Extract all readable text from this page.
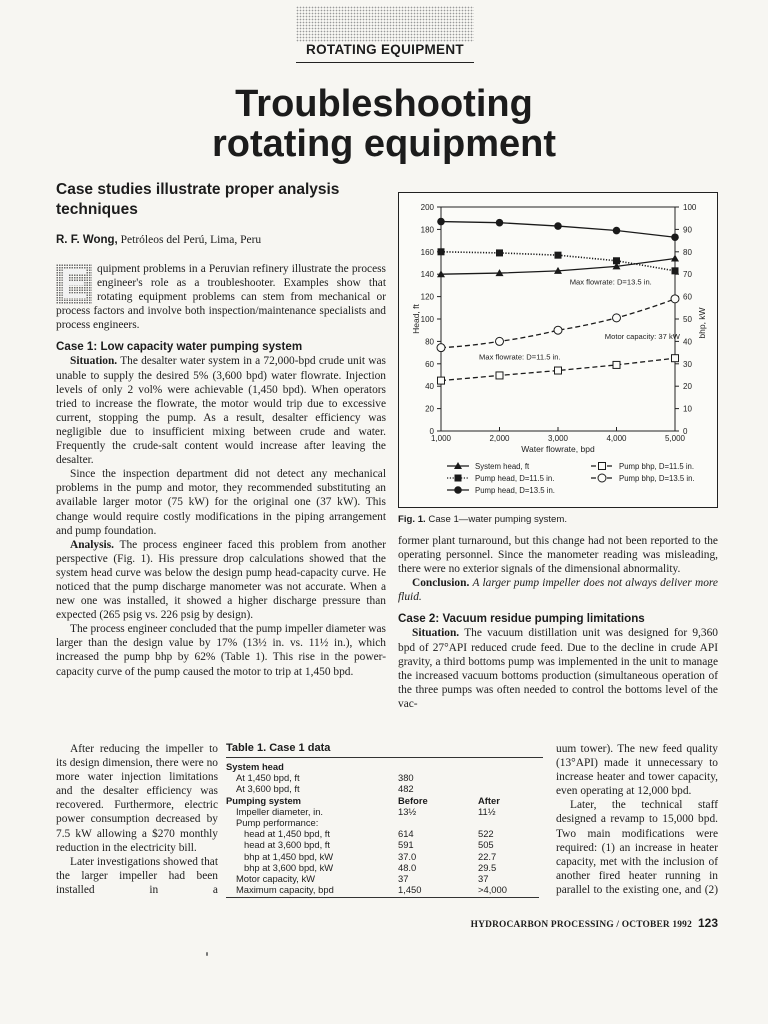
ROTATING EQUIPMENT
Troubleshooting
rotating equipment
Case studies illustrate proper analysis techniques
R. F. Wong, Petróleos del Perú, Lima, Peru

E quipment problems in a Peruvian refinery illustrate the process engineer's role as a troubleshooter. Examples show that rotating equipment problems can stem from mechanical or process factors and involve both inspection/maintenance specialists and process engineers.

Case 1: Low capacity water pumping system

Situation. The desalter water system in a 72,000-bpd crude unit was unable to supply the desired 5% (3,600 bpd) water flowrate. Injection levels of only 2 vol% were achievable (1,450 bpd). When operators tried to increase the flowrate, the motor would trip due to excessive current, stopping the pump. As a result, desalter efficiency was negligible due to insufficient mixing between crude and water. Frequently the crude-salt content would increase after leaving the desalter.

Since the inspection department did not detect any mechanical problems in the pump and motor, they recommended substituting an available larger motor (75 kW) for the original one (37 kW). This change would require costly modifications in the piping arrangement and pump foundation.

Analysis. The process engineer faced this problem from another perspective (Fig. 1). His pressure drop calculations showed that the system head curve was below the design pump head-capacity curve. He noticed that the pump discharge manometer was not accurate. When a new one was installed, it showed a higher discharge pressure than expected (265 psig vs. 226 psig by design).

The process engineer concluded that the pump impeller diameter was larger than the design value by 17% (13½ in. vs. 11½ in.), which increased the pump bhp by 62% (Table 1). This rise in the power-capacity curve of the pump caused the motor to trip at 1,450 bpd.

After reducing the impeller to its design dimension, there were no more water injection limitations and the desalter efficiency was recovered. Furthermore, electric power consumption decreased by 7.5 kW allowing a $270 monthly reduction in the electricity bill.

Later investigations showed that the larger impeller had been installed in a

0
20
40
60
80
100
120
140
160
180
200
0
10
20
30
40
50
60
70
80
90
100
1,000	2,000	3,000	4,000	5,000
Water flowrate, bpd
Head, ft	bhp, kW
Max flowrate: D=13.5 in.
Max flowrate: D=11.5 in.
Motor capacity: 37 kW
System head, ft
Pump head, D=11.5 in.
Pump head, D=13.5 in.
Pump bhp, D=11.5 in.
Pump bhp, D=13.5 in.
Fig. 1. Case 1—water pumping system.

former plant turnaround, but this change had not been reported to the operating personnel. Since the manometer reading was misleading, there were no exterior signals of the dimensional abnormality.

Conclusion. A larger pump impeller does not always deliver more fluid.

Case 2: Vacuum residue pumping limitations

Situation. The vacuum distillation unit was designed for 9,360 bpd of 27°API reduced crude feed. Due to the decline in crude API gravity, a third bottoms pump was implemented in the unit to manage the increased vacuum bottoms production (simultaneous operation of the three pumps was often needed to control the bottoms level of the vac-

uum tower). The new feed quality (13°API) made it unnecessary to increase heater and tower capacity, even operating at 12,000 bpd.

Later, the technical staff designed a revamp to 15,000 bpd. Two main modifications were required: (1) an increase in heater capacity, met with the inclusion of another fired heater running in parallel to the existing one, and (2)

Table 1. Case 1 data
System head
At 1,450 bpd, ft	380
At 3,600 bpd, ft	482
Pumping system	Before	After
Impeller diameter, in.	13½	11½
Pump performance:
head at 1,450 bpd, ft	614	522
head at 3,600 bpd, ft	591	505
bhp at 1,450 bpd, kW	37.0	22.7
bhp at 3,600 bpd, kW	48.0	29.5
Motor capacity, kW	37	37
Maximum capacity, bpd	1,450	>4,000
HYDROCARBON PROCESSING / OCTOBER 1992 123
